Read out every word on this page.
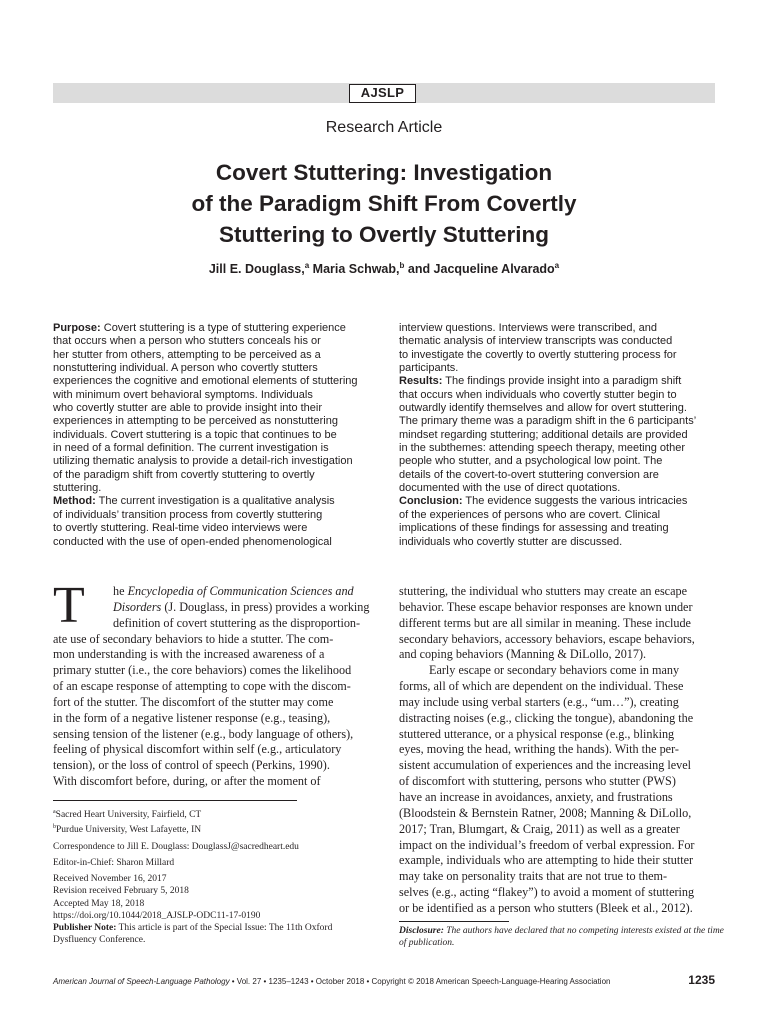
AJSLP
Research Article
Covert Stuttering: Investigation
of the Paradigm Shift From Covertly
Stuttering to Overtly Stuttering
Jill E. Douglass,$^a$ Maria Schwab,$^b$ and Jacqueline Alvarado$^a$
Purpose: Covert stuttering is a type of stuttering experience
that occurs when a person who stutters conceals his or
her stutter from others, attempting to be perceived as a
nonstuttering individual. A person who covertly stutters
experiences the cognitive and emotional elements of stuttering
with minimum overt behavioral symptoms. Individuals
who covertly stutter are able to provide insight into their
experiences in attempting to be perceived as nonstuttering
individuals. Covert stuttering is a topic that continues to be
in need of a formal definition. The current investigation is
utilizing thematic analysis to provide a detail-rich investigation
of the paradigm shift from covertly stuttering to overtly
stuttering.
Method: The current investigation is a qualitative analysis
of individuals’ transition process from covertly stuttering
to overtly stuttering. Real-time video interviews were
conducted with the use of open-ended phenomenological
interview questions. Interviews were transcribed, and
thematic analysis of interview transcripts was conducted
to investigate the covertly to overtly stuttering process for
participants.
Results: The findings provide insight into a paradigm shift
that occurs when individuals who covertly stutter begin to
outwardly identify themselves and allow for overt stuttering.
The primary theme was a paradigm shift in the 6 participants’
mindset regarding stuttering; additional details are provided
in the subthemes: attending speech therapy, meeting other
people who stutter, and a psychological low point. The
details of the covert-to-overt stuttering conversion are
documented with the use of direct quotations.
Conclusion: The evidence suggests the various intricacies
of the experiences of persons who are covert. Clinical
implications of these findings for assessing and treating
individuals who covertly stutter are discussed.
T	he Encyclopedia of Communication Sciences and
Disorders (J. Douglass, in press) provides a working
definition of covert stuttering as the disproportion-
ate use of secondary behaviors to hide a stutter. The com-
mon understanding is with the increased awareness of a
primary stutter (i.e., the core behaviors) comes the likelihood
of an escape response of attempting to cope with the discom-
fort of the stutter. The discomfort of the stutter may come
in the form of a negative listener response (e.g., teasing),
sensing tension of the listener (e.g., body language of others),
feeling of physical discomfort within self (e.g., articulatory
tension), or the loss of control of speech (Perkins, 1990).
With discomfort before, during, or after the moment of
stuttering, the individual who stutters may create an escape
behavior. These escape behavior responses are known under
different terms but are all similar in meaning. These include
secondary behaviors, accessory behaviors, escape behaviors,
and coping behaviors (Manning & DiLollo, 2017).
Early escape or secondary behaviors come in many
forms, all of which are dependent on the individual. These
may include using verbal starters (e.g., “um…”), creating
distracting noises (e.g., clicking the tongue), abandoning the
stuttered utterance, or a physical response (e.g., blinking
eyes, moving the head, writhing the hands). With the per-
sistent accumulation of experiences and the increasing level
of discomfort with stuttering, persons who stutter (PWS)
have an increase in avoidances, anxiety, and frustrations
(Bloodstein & Bernstein Ratner, 2008; Manning & DiLollo,
2017; Tran, Blumgart, & Craig, 2011) as well as a greater
impact on the individual’s freedom of verbal expression. For
example, individuals who are attempting to hide their stutter
may take on personality traits that are not true to them-
selves (e.g., acting “flakey”) to avoid a moment of stuttering
or be identified as a person who stutters (Bleek et al., 2012).
$^a$Sacred Heart University, Fairfield, CT
$^b$Purdue University, West Lafayette, IN
Correspondence to Jill E. Douglass: DouglassJ@sacredheart.edu
Editor-in-Chief: Sharon Millard
Received November 16, 2017
Revision received February 5, 2018
Accepted May 18, 2018
https://doi.org/10.1044/2018_AJSLP-ODC11-17-0190
Publisher Note: This article is part of the Special Issue: The 11th Oxford
Dysfluency Conference.
Disclosure: The authors have declared that no competing interests existed at the time
of publication.
American Journal of Speech-Language Pathology • Vol. 27 • 1235–1243 • October 2018 • Copyright © 2018 American Speech-Language-Hearing Association	1235
